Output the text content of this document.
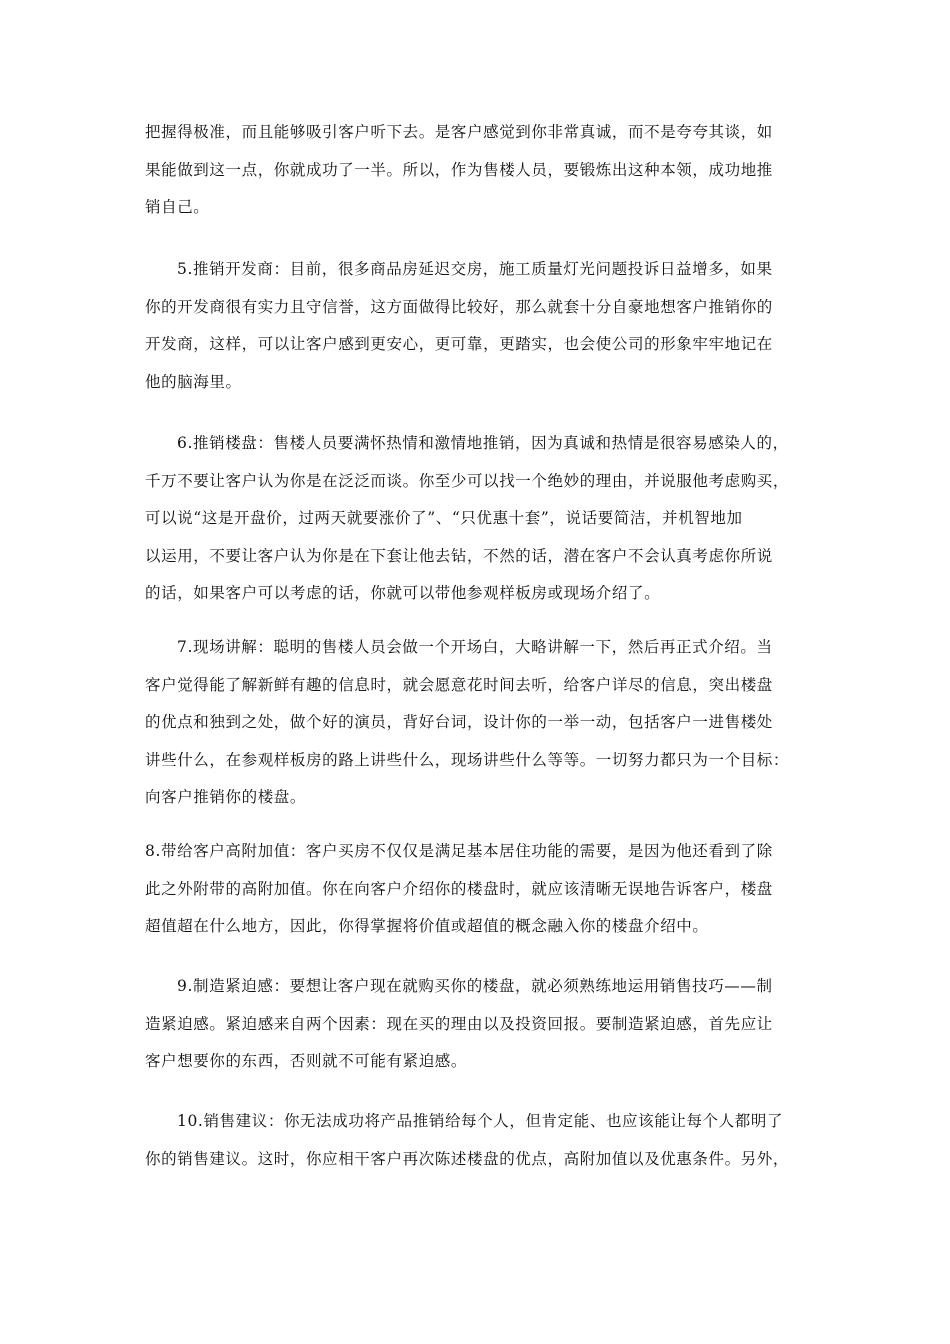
把握得极准，而且能够吸引客户听下去。是客户感觉到你非常真诚，而不是夸夸其谈，如
果能做到这一点，你就成功了一半。所以，作为售楼人员，要锻炼出这种本领，成功地推
销自己。
5.推销开发商：目前，很多商品房延迟交房，施工质量灯光问题投诉日益增多，如果
你的开发商很有实力且守信誉，这方面做得比较好，那么就套十分自豪地想客户推销你的
开发商，这样，可以让客户感到更安心，更可靠，更踏实，也会使公司的形象牢牢地记在
他的脑海里。
6.推销楼盘：售楼人员要满怀热情和激情地推销，因为真诚和热情是很容易感染人的，
千万不要让客户认为你是在泛泛而谈。你至少可以找一个绝妙的理由，并说服他考虑购买，
可以说“这是开盘价，过两天就要涨价了”、“只优惠十套”，说话要简洁，并机智地加
以运用，不要让客户认为你是在下套让他去钻，不然的话，潜在客户不会认真考虑你所说
的话，如果客户可以考虑的话，你就可以带他参观样板房或现场介绍了。
7.现场讲解：聪明的售楼人员会做一个开场白，大略讲解一下，然后再正式介绍。当
客户觉得能了解新鲜有趣的信息时，就会愿意花时间去听，给客户详尽的信息，突出楼盘
的优点和独到之处，做个好的演员，背好台词，设计你的一举一动，包括客户一进售楼处
讲些什么，在参观样板房的路上讲些什么，现场讲些什么等等。一切努力都只为一个目标：
向客户推销你的楼盘。
8.带给客户高附加值：客户买房不仅仅是满足基本居住功能的需要，是因为他还看到了除
此之外附带的高附加值。你在向客户介绍你的楼盘时，就应该清晰无误地告诉客户，楼盘
超值超在什么地方，因此，你得掌握将价值或超值的概念融入你的楼盘介绍中。
9.制造紧迫感：要想让客户现在就购买你的楼盘，就必须熟练地运用销售技巧——制
造紧迫感。紧迫感来自两个因素：现在买的理由以及投资回报。要制造紧迫感，首先应让
客户想要你的东西，否则就不可能有紧迫感。
10.销售建议：你无法成功将产品推销给每个人，但肯定能、也应该能让每个人都明了
你的销售建议。这时，你应相干客户再次陈述楼盘的优点，高附加值以及优惠条件。另外，
